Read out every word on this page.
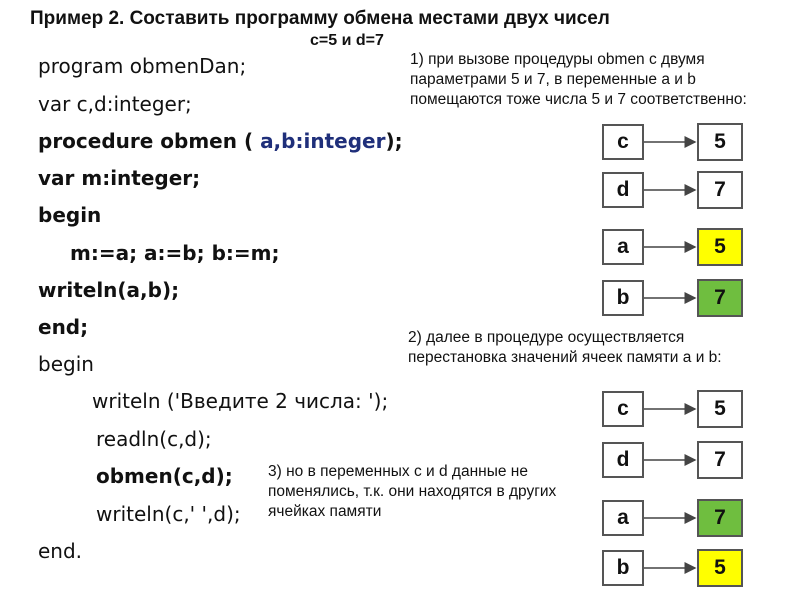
Пример 2. Составить программу обмена местами двух чисел
c=5 и d=7
program obmenDan;
var c,d:integer;
procedure obmen ( a,b:integer);
var m:integer;
begin
m:=a; a:=b; b:=m;
writeln(a,b);
end;
begin
writeln ('Введите 2 числа: ');
readln(c,d);
obmen(c,d);
writeln(c,' ',d);
end.
1) при вызове процедуры obmen с двумя параметрами 5 и 7, в переменные a и b помещаются тоже числа 5 и 7 соответственно:
2) далее в процедуре осуществляется перестановка значений ячеек памяти a и b:
3) но в переменных c и d данные не поменялись, т.к. они находятся в других ячейках памяти
c	5
d	7
a	5
b	7
c	5
d	7
a	7
b	5
